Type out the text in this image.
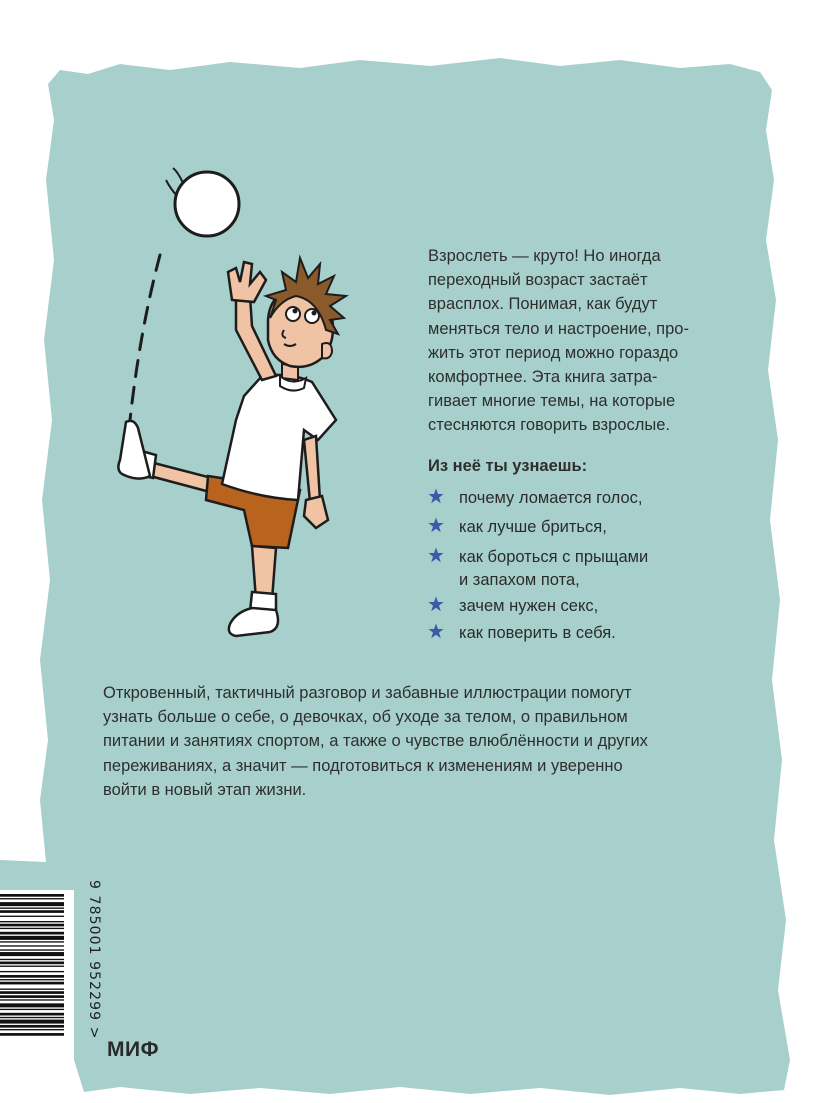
Взрослеть — круто! Но иногда
переходный возраст застаёт
врасплох. Понимая, как будут
меняться тело и настроение, про-
жить этот период можно гораздо
комфортнее. Эта книга затра-
гивает многие темы, на которые
стесняются говорить взрослые.
Из неё ты узнаешь:
почему ломается голос,
как лучше бриться,
как бороться с прыщами
и запахом пота,
зачем нужен секс,
как поверить в себя.
Откровенный, тактичный разговор и забавные иллюстрации помогут
узнать больше о себе, о девочках, об уходе за телом, о правильном
питании и занятиях спортом, а также о чувстве влюблённости и других
переживаниях, а значит — подготовиться к изменениям и уверенно
войти в новый этап жизни.
9 785001 952299 >
МИФ
